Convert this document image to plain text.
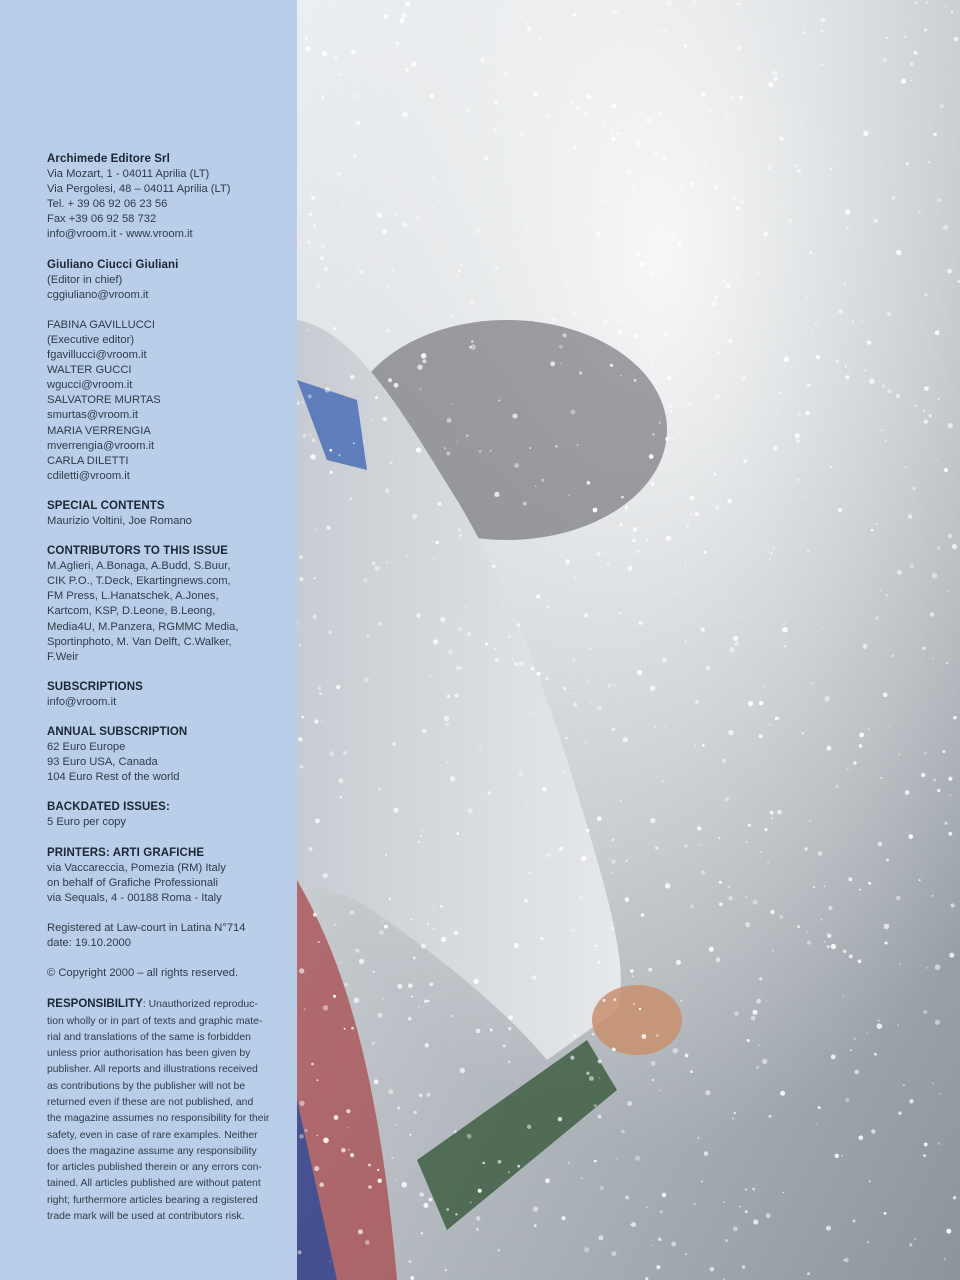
Archimede Editore Srl
Via Mozart, 1 - 04011 Aprilia (LT)
Via Pergolesi, 48 – 04011 Aprilia (LT)
Tel. + 39 06 92 06 23 56
Fax +39 06 92 58 732
info@vroom.it - www.vroom.it
Giuliano Ciucci Giuliani
(Editor in chief)
cggiuliano@vroom.it
FABINA GAVILLUCCI
(Executive editor)
fgavillucci@vroom.it
WALTER GUCCI
wgucci@vroom.it
SALVATORE MURTAS
smurtas@vroom.it
MARIA VERRENGIA
mverrengia@vroom.it
CARLA DILETTI
cdiletti@vroom.it
SPECIAL CONTENTS
Maurizio Voltini, Joe Romano
CONTRIBUTORS TO THIS ISSUE
M.Aglieri, A.Bonaga, A.Budd, S.Buur,
CIK P.O., T.Deck, Ekartingnews.com,
FM Press, L.Hanatschek, A.Jones,
Kartcom, KSP, D.Leone, B.Leong,
Media4U, M.Panzera, RGMMC Media,
Sportinphoto, M. Van Delft, C.Walker,
F.Weir
SUBSCRIPTIONS
info@vroom.it
ANNUAL SUBSCRIPTION
62 Euro Europe
93 Euro USA, Canada
104 Euro Rest of the world
BACKDATED ISSUES:
5 Euro per copy
PRINTERS: ARTI GRAFICHE
via Vaccareccia, Pomezia (RM) Italy
on behalf of Grafiche Professionali
via Sequals, 4 - 00188 Roma - Italy
Registered at Law-court in Latina N°714
date: 19.10.2000
© Copyright 2000 – all rights reserved.
RESPONSIBILITY: Unauthorized reproduc-
tion wholly or in part of texts and graphic mate-
rial and translations of the same is forbidden
unless prior authorisation has been given by
publisher. All reports and illustrations received
as contributions by the publisher will not be
returned even if these are not published, and
the magazine assumes no responsibility for their
safety, even in case of rare examples. Neither
does the magazine assume any responsibility
for articles published therein or any errors con-
tained. All articles published are without patent
right; furthermore articles bearing a registered
trade mark will be used at contributors risk.
